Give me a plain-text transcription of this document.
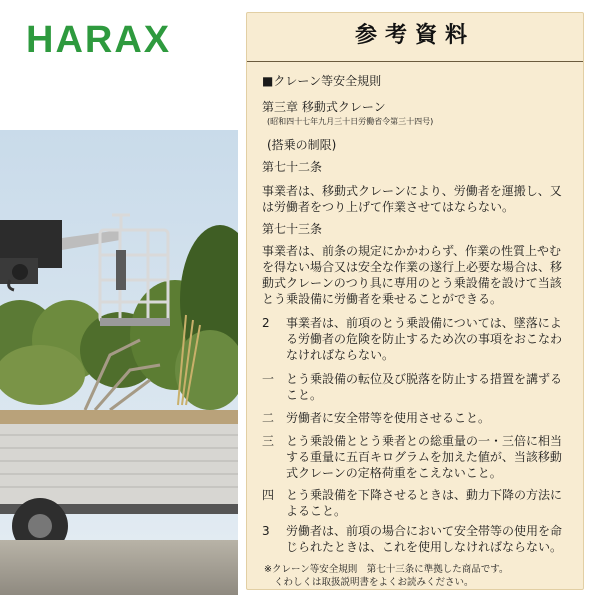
HARAX	参考資料
■クレーン等安全規則
第三章 移動式クレーン
(昭和四十七年九月三十日労働省令第三十四号)
(搭乗の制限)
第七十二条
事業者は、移動式クレーンにより、労働者を運搬し、又
は労働者をつり上げて作業させてはならない。
第七十三条
事業者は、前条の規定にかかわらず、作業の性質上やむ
を得ない場合又は安全な作業の遂行上必要な場合は、移
動式クレーンのつり具に専用のとう乗設備を設けて当該
とう乗設備に労働者を乗せることができる。
2	事業者は、前項のとう乗設備については、墜落によ
る労働者の危険を防止するため次の事項をおこなわ
なければならない。
一 とう乗設備の転位及び脱落を防止する措置を講ずる
こと。
二 労働者に安全帯等を使用させること。
三 とう乗設備ととう乗者との総重量の一・三倍に相当
する重量に五百キログラムを加えた値が、当該移動
式クレーンの定格荷重をこえないこと。
四 とう乗設備を下降させるときは、動力下降の方法に
よること。
3	労働者は、前項の場合において安全帯等の使用を命
じられたときは、これを使用しなければならない。
※クレーン等安全規則　第七十三条に準拠した商品です。
くわしくは取扱説明書をよくお読みください。
